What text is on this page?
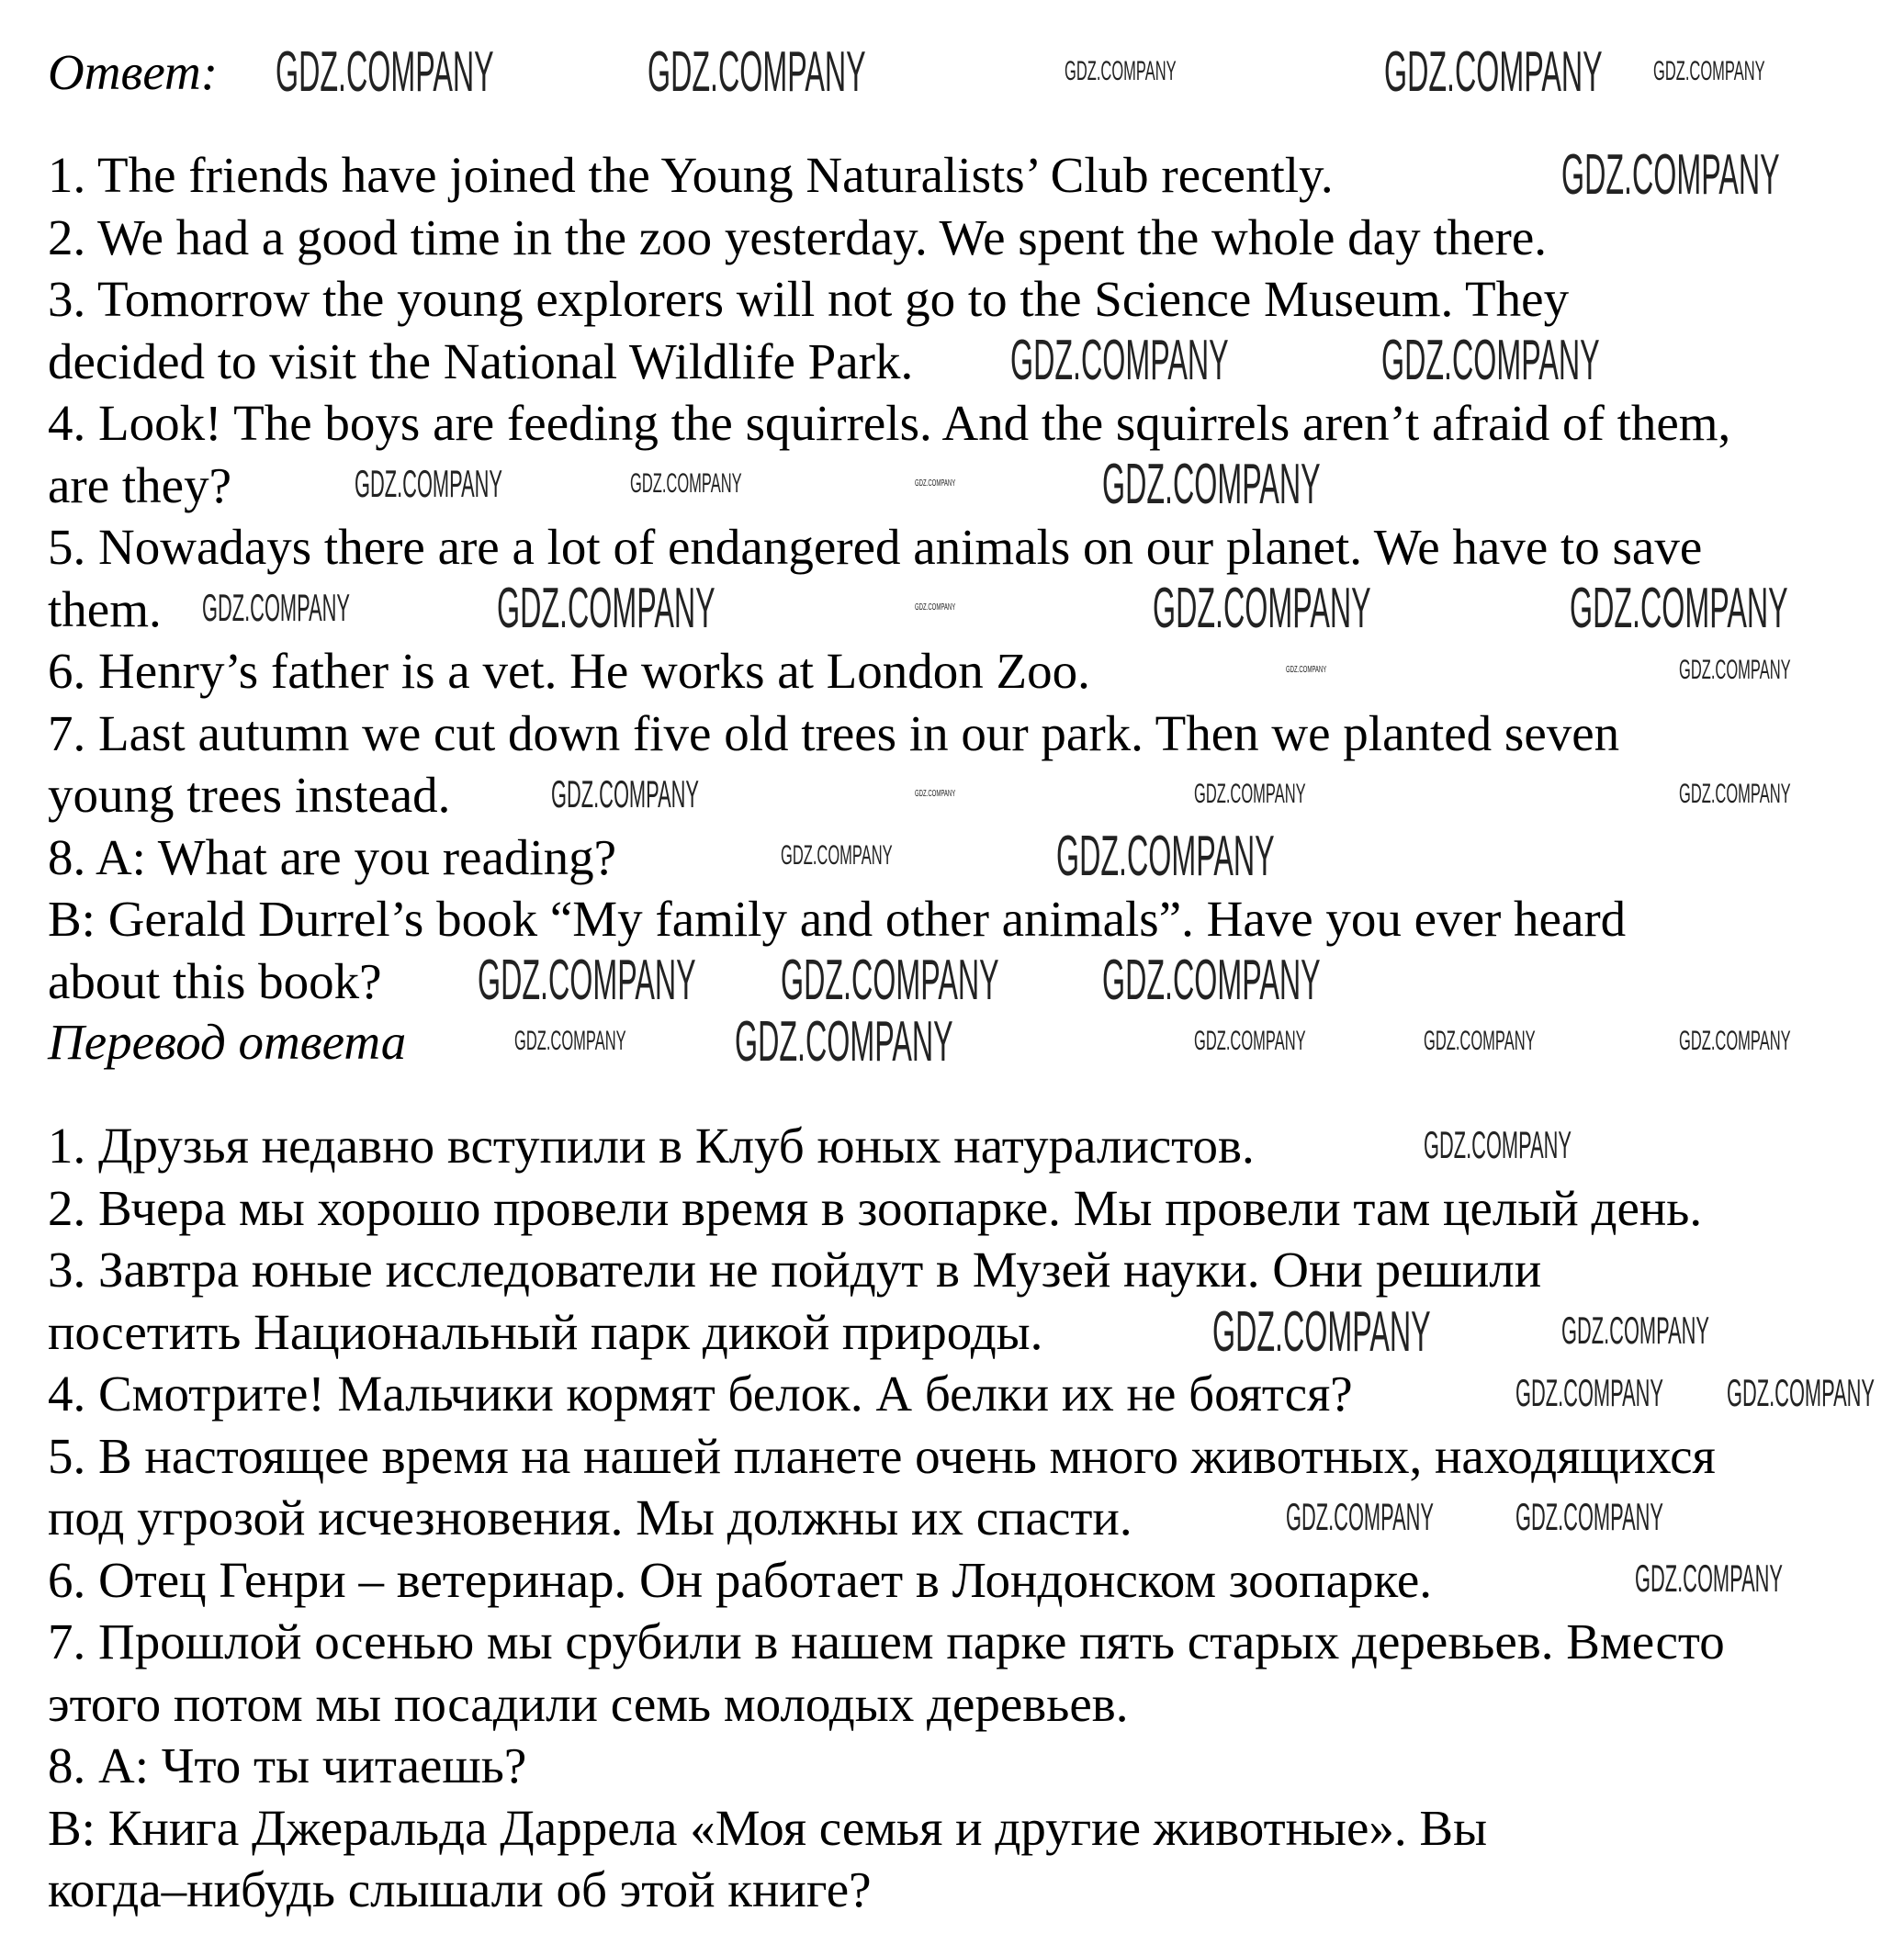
Ответ:
1. The friends have joined the Young Naturalists’ Club recently.
2. We had a good time in the zoo yesterday. We spent the whole day there.
3. Tomorrow the young explorers will not go to the Science Museum. They
decided to visit the National Wildlife Park.
4. Look! The boys are feeding the squirrels. And the squirrels aren’t afraid of them,
are they?
5. Nowadays there are a lot of endangered animals on our planet. We have to save
them.
6. Henry’s father is a vet. He works at London Zoo.
7. Last autumn we cut down five old trees in our park. Then we planted seven
young trees instead.
8. A: What are you reading?
B: Gerald Durrel’s book “My family and other animals”. Have you ever heard
about this book?
Перевод ответа
1. Друзья недавно вступили в Клуб юных натуралистов.
2. Вчера мы хорошо провели время в зоопарке. Мы провели там целый день.
3. Завтра юные исследователи не пойдут в Музей науки. Они решили
посетить Национальный парк дикой природы.
4. Смотрите! Мальчики кормят белок. А белки их не боятся?
5. В настоящее время на нашей планете очень много животных, находящихся
под угрозой исчезновения. Мы должны их спасти.
6. Отец Генри – ветеринар. Он работает в Лондонском зоопарке.
7. Прошлой осенью мы срубили в нашем парке пять старых деревьев. Вместо
этого потом мы посадили семь молодых деревьев.
8. А: Что ты читаешь?
В: Книга Джеральда Даррела «Моя семья и другие животные». Вы
когда–нибудь слышали об этой книге?
GDZ.COMPANY	GDZ.COMPANY	GDZ.COMPANY	GDZ.COMPANY GDZ.COMPANY
GDZ.COMPANY
GDZ.COMPANY	GDZ.COMPANY
GDZ.COMPANY	GDZ.COMPANY	GDZ.COMPANY	GDZ.COMPANY
GDZ.COMPANY	GDZ.COMPANY	GDZ.COMPANY	GDZ.COMPANY	GDZ.COMPANY
GDZ.COMPANY	GDZ.COMPANY
GDZ.COMPANY	GDZ.COMPANY	GDZ.COMPANY	GDZ.COMPANY
GDZ.COMPANY	GDZ.COMPANY
GDZ.COMPANY GDZ.COMPANY GDZ.COMPANY
GDZ.COMPANY GDZ.COMPANY	GDZ.COMPANY	GDZ.COMPANY	GDZ.COMPANY
GDZ.COMPANY
GDZ.COMPANY	GDZ.COMPANY
GDZ.COMPANY GDZ.COMPANY
GDZ.COMPANY GDZ.COMPANY
GDZ.COMPANY
